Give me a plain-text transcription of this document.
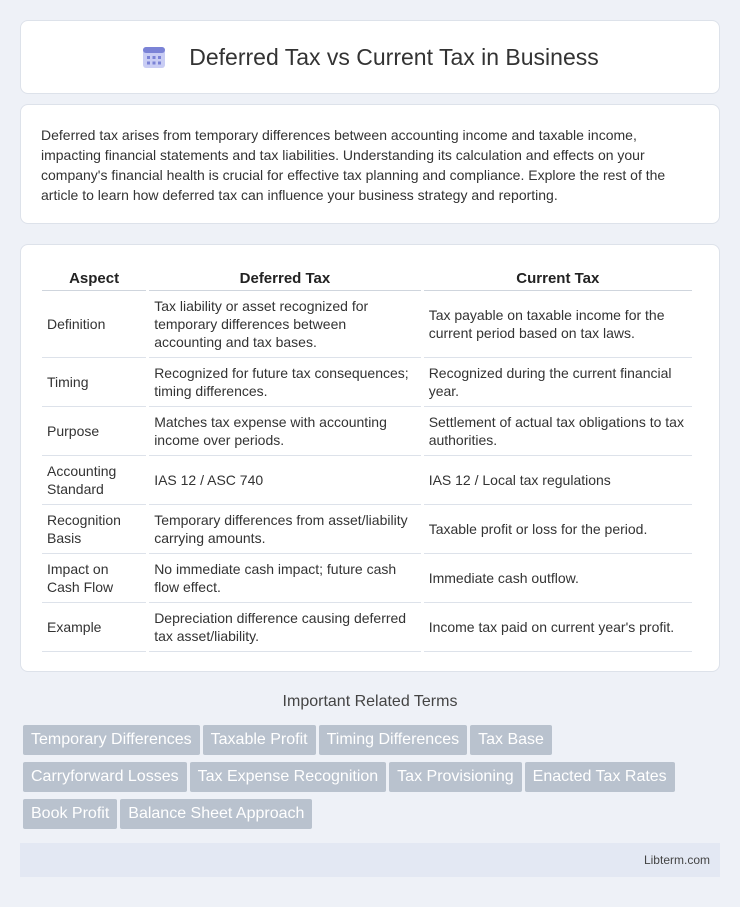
Deferred Tax vs Current Tax in Business

Deferred tax arises from temporary differences between accounting income and taxable income, impacting financial statements and tax liabilities. Understanding its calculation and effects on your company's financial health is crucial for effective tax planning and compliance. Explore the rest of the article to learn how deferred tax can influence your business strategy and reporting.

Aspect	Deferred Tax	Current Tax
Definition	Tax liability or asset recognized for temporary differences between accounting and tax bases.	Tax payable on taxable income for the current period based on tax laws.
Timing	Recognized for future tax consequences; timing differences.	Recognized during the current financial year.
Purpose	Matches tax expense with accounting income over periods.	Settlement of actual tax obligations to tax authorities.
Accounting Standard	IAS 12 / ASC 740	IAS 12 / Local tax regulations
Recognition Basis	Temporary differences from asset/liability carrying amounts.	Taxable profit or loss for the period.
Impact on Cash Flow	No immediate cash impact; future cash flow effect.	Immediate cash outflow.
Example	Depreciation difference causing deferred tax asset/liability.	Income tax paid on current year's profit.
Important Related Terms
Temporary Differences Taxable Profit Timing Differences Tax Base
Carryforward Losses Tax Expense Recognition Tax Provisioning Enacted Tax Rates
Book Profit Balance Sheet Approach
Libterm.com
